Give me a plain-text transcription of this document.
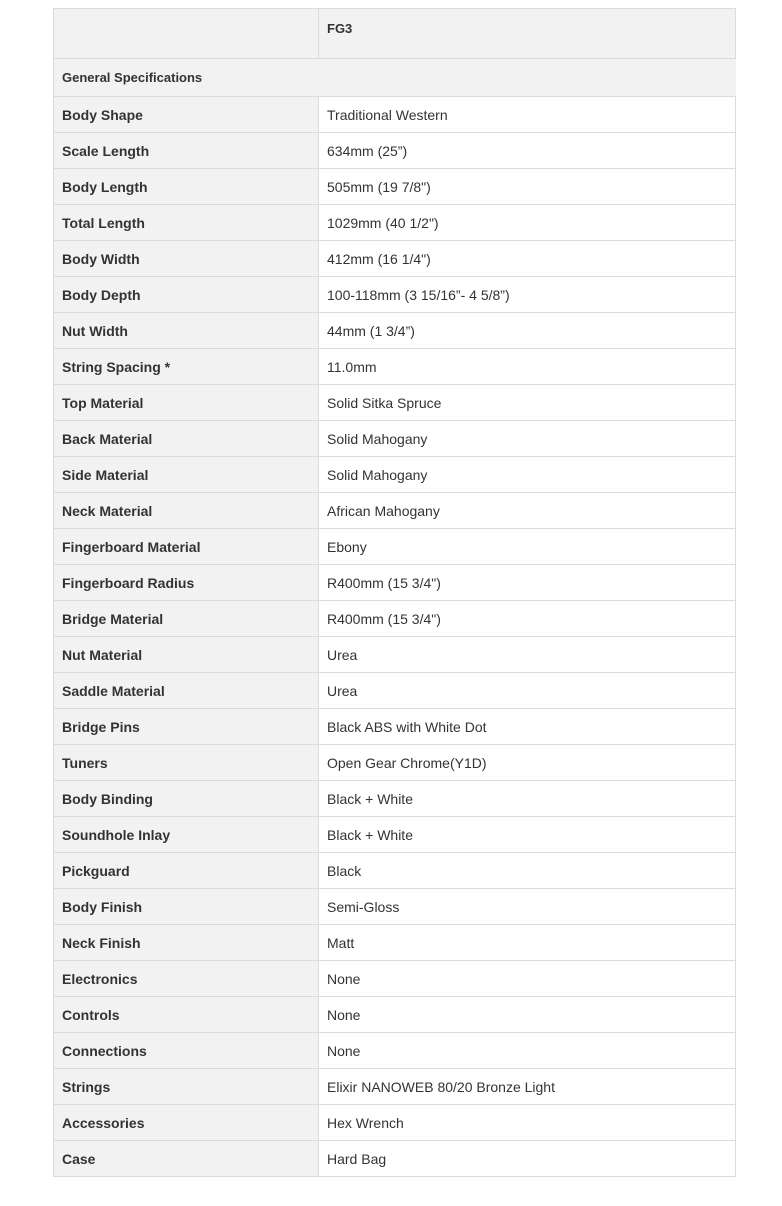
	FG3
General Specifications	
Body Shape	Traditional Western
Scale Length	634mm (25”)
Body Length	505mm (19 7/8")
Total Length	1029mm (40 1/2")
Body Width	412mm (16 1/4")
Body Depth	100-118mm (3 15/16”- 4 5/8”)
Nut Width	44mm (1 3/4”)
String Spacing *	11.0mm
Top Material	Solid Sitka Spruce
Back Material	Solid Mahogany
Side Material	Solid Mahogany
Neck Material	African Mahogany
Fingerboard Material	Ebony
Fingerboard Radius	R400mm (15 3/4")
Bridge Material	R400mm (15 3/4")
Nut Material	Urea
Saddle Material	Urea
Bridge Pins	Black ABS with White Dot
Tuners	Open Gear Chrome(Y1D)
Body Binding	Black + White
Soundhole Inlay	Black + White
Pickguard	Black
Body Finish	Semi-Gloss
Neck Finish	Matt
Electronics	None
Controls	None
Connections	None
Strings	Elixir NANOWEB 80/20 Bronze Light
Accessories	Hex Wrench
Case	Hard Bag
